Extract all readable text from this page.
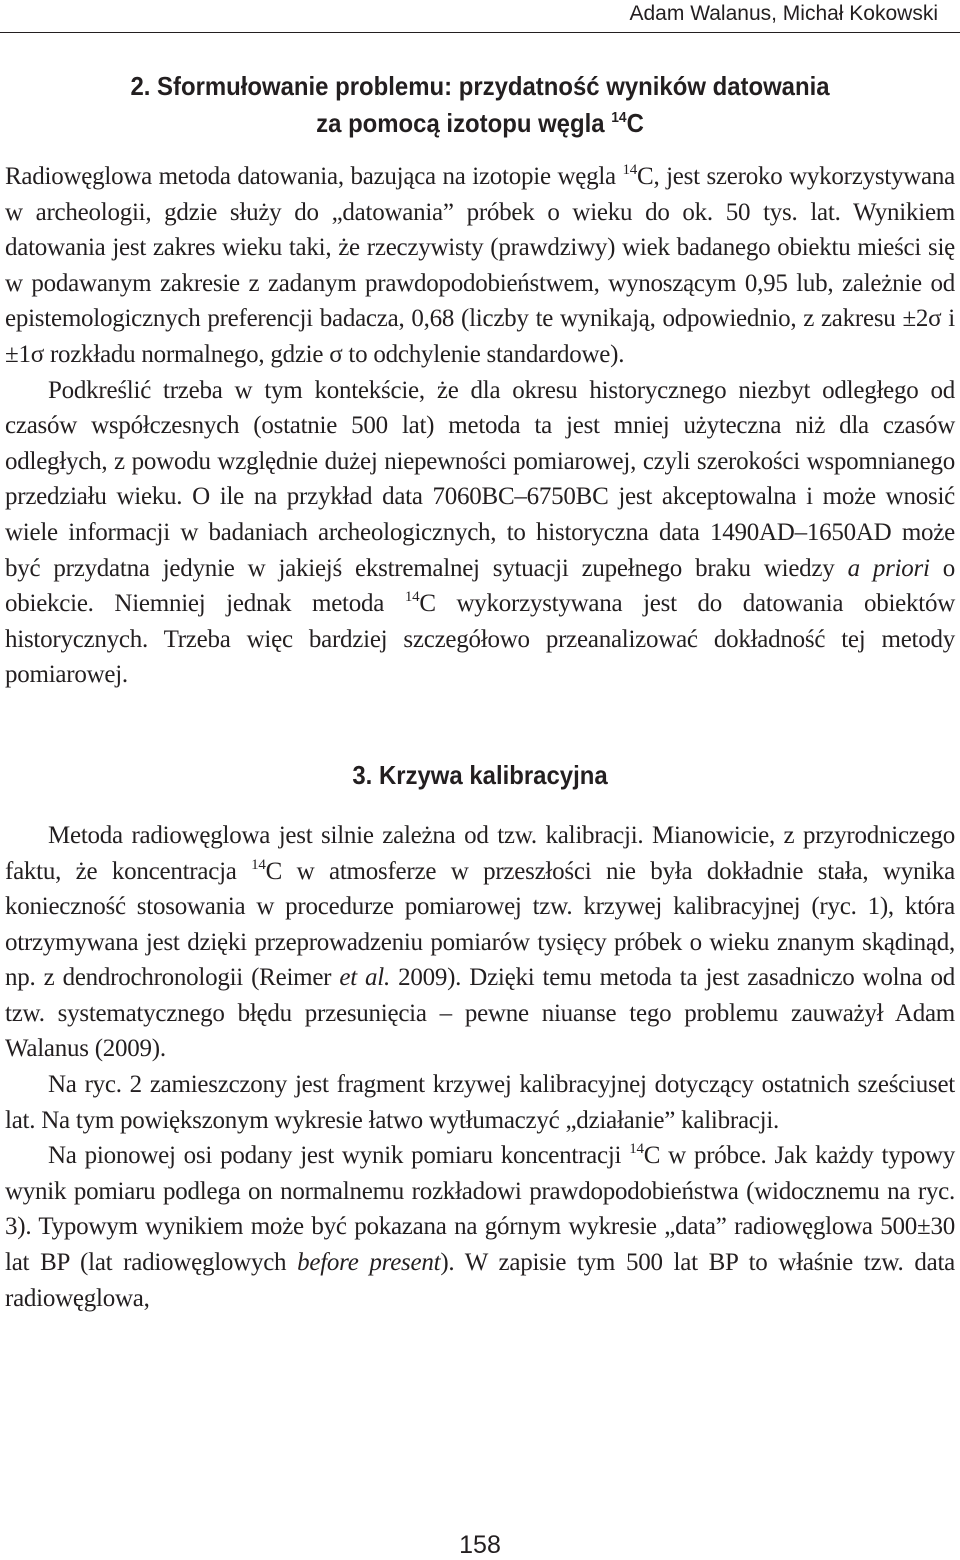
Adam Walanus, Michał Kokowski
2. Sformułowanie problemu: przydatność wyników datowania
za pomocą izotopu węgla $^{14}$C

Radiowęglowa metoda datowania, bazująca na izotopie węgla $^{14}$C, jest szeroko wykorzystywana w archeologii, gdzie służy do „datowania” próbek o wieku do ok. 50 tys. lat. Wynikiem datowania jest zakres wieku taki, że rzeczywisty (prawdziwy) wiek badanego obiektu mieści się w podawanym zakresie z zadanym prawdopodobieństwem, wynoszącym 0,95 lub, zależnie od epistemologicznych preferencji badacza, 0,68 (liczby te wynikają, odpowiednio, z zakresu ±2σ i ±1σ rozkładu normalnego, gdzie σ to odchylenie standardowe).

Podkreślić trzeba w tym kontekście, że dla okresu historycznego niezbyt odległego od czasów współczesnych (ostatnie 500 lat) metoda ta jest mniej użyteczna niż dla czasów odległych, z powodu względnie dużej niepewności pomiarowej, czyli szerokości wspomnianego przedziału wieku. O ile na przykład data 7060BC–6750BC jest akceptowalna i może wnosić wiele informacji w badaniach archeologicznych, to historyczna data 1490AD–1650AD może być przydatna jedynie w jakiejś ekstremalnej sytuacji zupełnego braku wiedzy a priori o obiekcie. Niemniej jednak metoda $^{14}$C wykorzystywana jest do datowania obiektów historycznych. Trzeba więc bardziej szczegółowo przeanalizować dokładność tej metody pomiarowej.

3. Krzywa kalibracyjna

Metoda radiowęglowa jest silnie zależna od tzw. kalibracji. Mianowicie, z przyrodniczego faktu, że koncentracja $^{14}$C w atmosferze w przeszłości nie była dokładnie stała, wynika konieczność stosowania w procedurze pomiarowej tzw. krzywej kalibracyjnej (ryc. 1), która otrzymywana jest dzięki przeprowadzeniu pomiarów tysięcy próbek o wieku znanym skądinąd, np. z dendrochronologii (Reimer et al. 2009). Dzięki temu metoda ta jest zasadniczo wolna od tzw. systematycznego błędu przesunięcia – pewne niuanse tego problemu zauważył Adam Walanus (2009).

Na ryc. 2 zamieszczony jest fragment krzywej kalibracyjnej dotyczący ostatnich sześciuset lat. Na tym powiększonym wykresie łatwo wytłumaczyć „działanie” kalibracji.

Na pionowej osi podany jest wynik pomiaru koncentracji $^{14}$C w próbce. Jak każdy typowy wynik pomiaru podlega on normalnemu rozkładowi prawdopodobieństwa (widocznemu na ryc. 3). Typowym wynikiem może być pokazana na górnym wykresie „data” radiowęglowa 500±30 lat BP (lat radiowęglowych before present). W zapisie tym 500 lat BP to właśnie tzw. data radiowęglowa,

158
